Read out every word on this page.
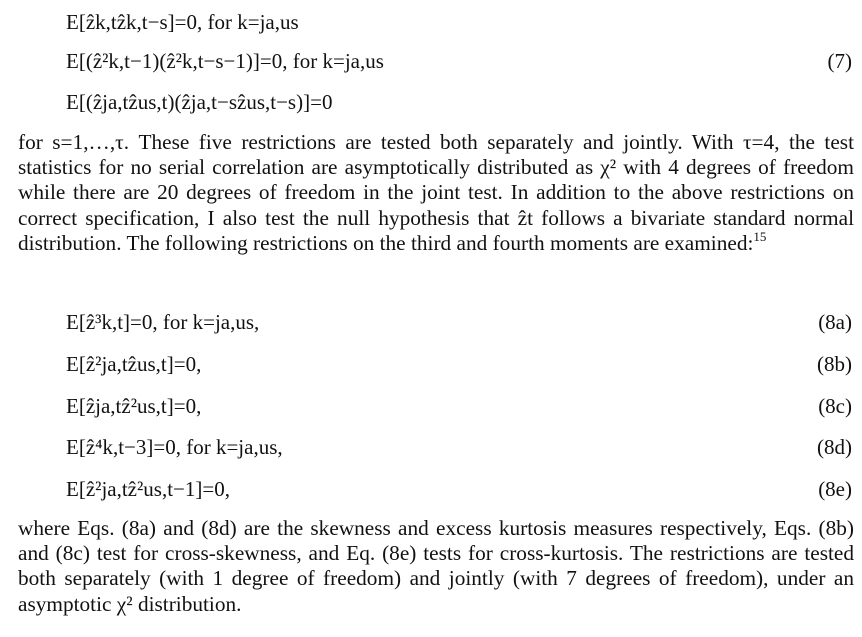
E[ẑk,tẑk,t−s]=0, for k=ja,us
E[(ẑ²k,t−1)(ẑ²k,t−s−1)]=0, for k=ja,us	(7)
E[(ẑja,tẑus,t)(ẑja,t−sẑus,t−s)]=0

for s=1,…,τ. These five restrictions are tested both separately and jointly. With τ=4, the test statistics for no serial correlation are asymptotically distributed as χ² with 4 degrees of freedom while there are 20 degrees of freedom in the joint test. In addition to the above restrictions on correct specification, I also test the null hypothesis that ẑt follows a bivariate standard normal distribution. The following restrictions on the third and fourth moments are examined:$^{15}$

E[ẑ³k,t]=0, for k=ja,us,	(8a)
E[ẑ²ja,tẑus,t]=0,	(8b)
E[ẑja,tẑ²us,t]=0,	(8c)
E[ẑ⁴k,t−3]=0, for k=ja,us,	(8d)
E[ẑ²ja,tẑ²us,t−1]=0,	(8e)

where Eqs. (8a) and (8d) are the skewness and excess kurtosis measures respectively, Eqs. (8b) and (8c) test for cross-skewness, and Eq. (8e) tests for cross-kurtosis. The restrictions are tested both separately (with 1 degree of freedom) and jointly (with 7 degrees of freedom), under an asymptotic χ² distribution.
